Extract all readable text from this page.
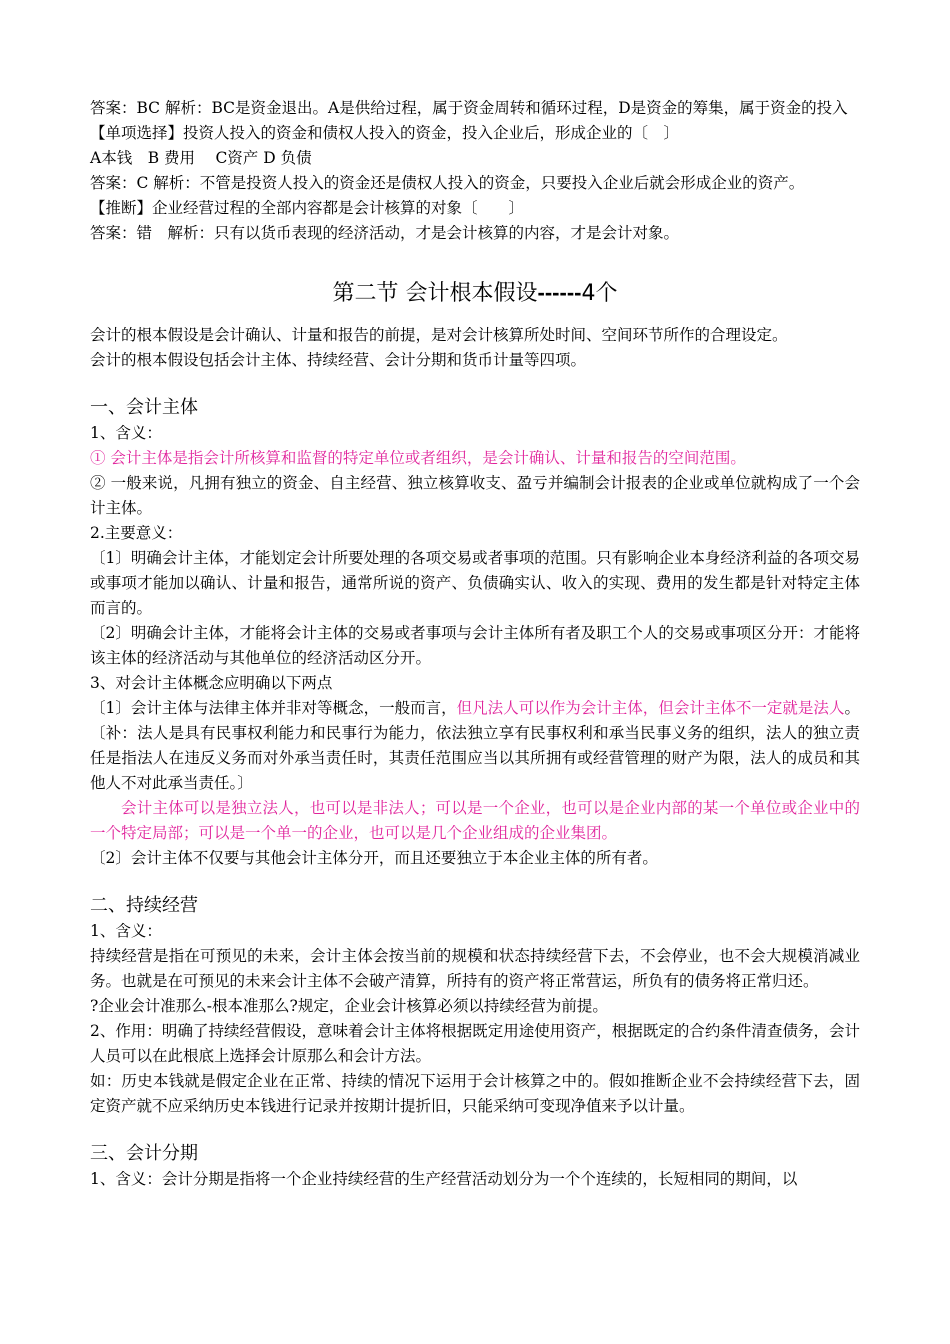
答案：BC 解析：BC是资金退出。A是供给过程，属于资金周转和循环过程，D是资金的筹集，属于资金的投入

【单项选择】投资人投入的资金和债权人投入的资金，投入企业后，形成企业的〔　〕

A本钱　B 费用　 C资产 D 负债

答案：C 解析：不管是投资人投入的资金还是债权人投入的资金，只要投入企业后就会形成企业的资产。

【推断】企业经营过程的全部内容都是会计核算的对象〔　　〕

答案：错　解析：只有以货币表现的经济活动，才是会计核算的内容，才是会计对象。

第二节 会计根本假设------4个

会计的根本假设是会计确认、计量和报告的前提，是对会计核算所处时间、空间环节所作的合理设定。

会计的根本假设包括会计主体、持续经营、会计分期和货币计量等四项。

一、会计主体

1、含义：

① 会计主体是指会计所核算和监督的特定单位或者组织，是会计确认、计量和报告的空间范围。

② 一般来说，凡拥有独立的资金、自主经营、独立核算收支、盈亏并编制会计报表的企业或单位就构成了一个会计主体。

2.主要意义：

〔1〕明确会计主体，才能划定会计所要处理的各项交易或者事项的范围。只有影响企业本身经济利益的各项交易或事项才能加以确认、计量和报告，通常所说的资产、负债确实认、收入的实现、费用的发生都是针对特定主体而言的。

〔2〕明确会计主体，才能将会计主体的交易或者事项与会计主体所有者及职工个人的交易或事项区分开：才能将该主体的经济活动与其他单位的经济活动区分开。

3、对会计主体概念应明确以下两点

〔1〕会计主体与法律主体并非对等概念，一般而言，但凡法人可以作为会计主体，但会计主体不一定就是法人。〔补：法人是具有民事权利能力和民事行为能力，依法独立享有民事权利和承当民事义务的组织，法人的独立责任是指法人在违反义务而对外承当责任时，其责任范围应当以其所拥有或经营管理的财产为限，法人的成员和其他人不对此承当责任。〕

会计主体可以是独立法人，也可以是非法人；可以是一个企业，也可以是企业内部的某一个单位或企业中的一个特定局部；可以是一个单一的企业，也可以是几个企业组成的企业集团。

〔2〕会计主体不仅要与其他会计主体分开，而且还要独立于本企业主体的所有者。

二、持续经营

1、含义：

持续经营是指在可预见的未来，会计主体会按当前的规模和状态持续经营下去，不会停业，也不会大规模消减业务。也就是在可预见的未来会计主体不会破产清算，所持有的资产将正常营运，所负有的债务将正常归还。

?企业会计准那么-根本准那么?规定，企业会计核算必须以持续经营为前提。

2、作用：明确了持续经营假设，意味着会计主体将根据既定用途使用资产，根据既定的合约条件清查债务，会计人员可以在此根底上选择会计原那么和会计方法。

如：历史本钱就是假定企业在正常、持续的情况下运用于会计核算之中的。假如推断企业不会持续经营下去，固定资产就不应采纳历史本钱进行记录并按期计提折旧，只能采纳可变现净值来予以计量。

三、会计分期

1、含义：会计分期是指将一个企业持续经营的生产经营活动划分为一个个连续的，长短相同的期间，以
